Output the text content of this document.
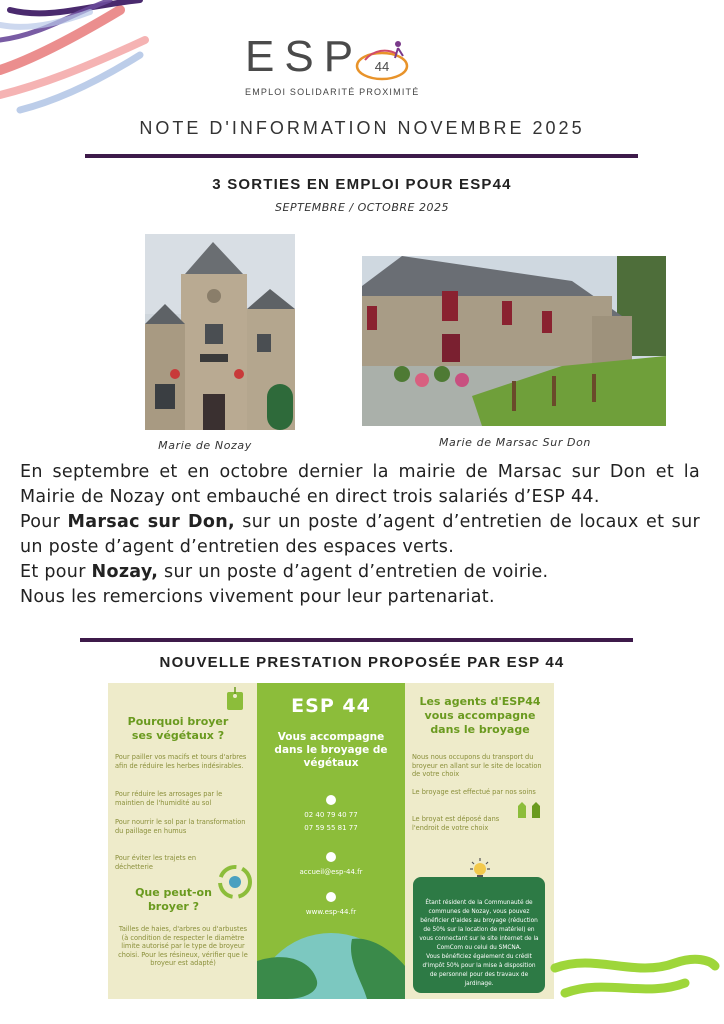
ESP 44
EMPLOI SOLIDARITÉ PROXIMITÉ
NOTE D'INFORMATION NOVEMBRE 2025
3 SORTIES EN EMPLOI POUR ESP44
SEPTEMBRE / OCTOBRE 2025
Marie de Nozay	Marie de Marsac Sur Don

En septembre et en octobre dernier la mairie de Marsac sur Don et la Mairie de Nozay ont embauché en direct trois salariés d’ESP 44.

Pour Marsac sur Don, sur un poste d’agent d’entretien de locaux et sur un poste d’agent d’entretien des espaces verts.

Et pour Nozay, sur un poste d’agent d’entretien de voirie.

Nous les remercions vivement pour leur partenariat.

NOUVELLE PRESTATION PROPOSÉE PAR ESP 44
Pourquoi broyer ses végétaux ?
Pour pailler vos macifs et tours d'arbres afin de réduire les herbes indésirables.
Pour réduire les arrosages par le maintien de l'humidité au sol
Pour nourrir le sol par la transformation du paillage en humus
Pour éviter les trajets en déchetterie
Que peut-on broyer ?
Tailles de haies, d'arbres ou d'arbustes (à condition de respecter le diamètre limite autorisé par le type de broyeur choisi. Pour les résineux, vérifier que le broyeur est adapté)
ESP 44
Vous accompagne dans le broyage de végétaux
02 40 79 40 77
07 59 55 81 77
accueil@esp-44.fr
www.esp-44.fr
Les agents d'ESP44 vous accompagne dans le broyage
Nous nous occupons du transport du broyeur en allant sur le site de location de votre choix
Le broyage est effectué par nos soins
Le broyat est déposé dans l'endroit de votre choix

Étant résident de la Communauté de communes de Nozay, vous pouvez bénéficier d'aides au broyage (réduction de 50% sur la location de matériel) en vous connectant sur le site internet de la ComCom ou celui du SMCNA.

Vous bénéficiez également du crédit d'impôt 50% pour la mise à disposition de personnel pour des travaux de jardinage.
